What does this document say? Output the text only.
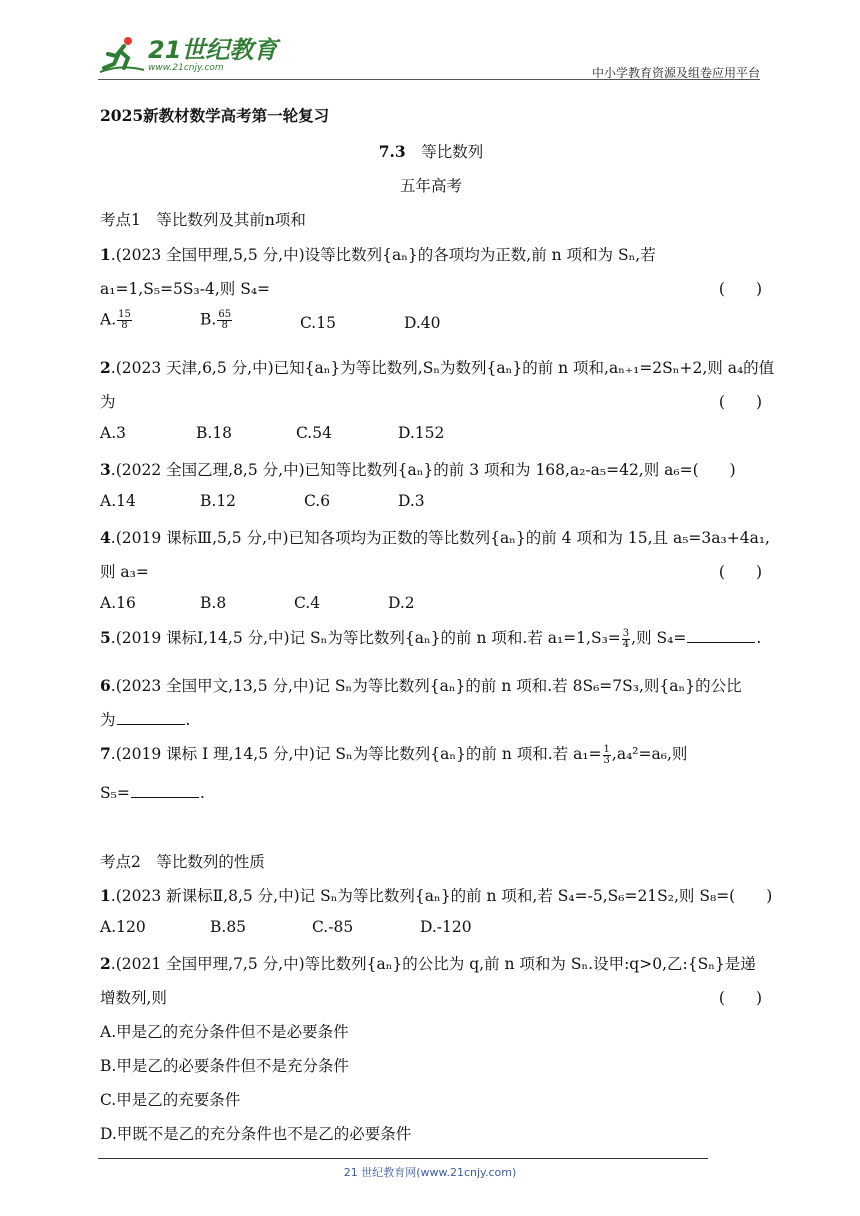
21世纪教育
www.21cnjy.com	中小学教育资源及组卷应用平台
2025新教材数学高考第一轮复习
7.3　 等比数列
五年高考
考点1　等比数列及其前n项和
1.(2023 全国甲理,5,5 分,中)设等比数列{aₙ}的各项均为正数,前 n 项和为 Sₙ,若
a₁=1,S₅=5S₃-4,则 S₄=	(　　)
A. $\frac{15}{8}$	B. $\frac{65}{8}$	C.15	D.40
2.(2023 天津,6,5 分,中)已知{aₙ}为等比数列,Sₙ为数列{aₙ}的前 n 项和,aₙ₊₁=2Sₙ+2,则 a₄的值
为	(　　)
A.3	B.18	C.54	D.152
3.(2022 全国乙理,8,5 分,中)已知等比数列{aₙ}的前 3 项和为 168,a₂-a₅=42,则 a₆=(　　)
A.14	B.12	C.6	D.3
4.(2019 课标Ⅲ,5,5 分,中)已知各项均为正数的等比数列{aₙ}的前 4 项和为 15,且 a₅=3a₃+4a₁,
则 a₃=	(　　)
A.16	B.8	C.4	D.2
5.(2019 课标Ⅰ,14,5 分,中)记 Sₙ为等比数列{aₙ}的前 n 项和.若 $a_1=1,S_3= \frac{3}{4}$ ,则 S₄=	.
6.(2023 全国甲文,13,5 分,中)记 Sₙ为等比数列{aₙ}的前 n 项和.若 8S₆=7S₃,则{aₙ}的公比
为	.
7.(2019 课标 Ⅰ 理,14,5 分,中)记 Sₙ为等比数列{aₙ}的前 n 项和.若 $a_1= \frac{1}{3} ,a_4^2=a_6$,则
S₅=	.
考点2　等比数列的性质
1.(2023 新课标Ⅱ,8,5 分,中)记 Sₙ为等比数列{aₙ}的前 n 项和,若 S₄=-5,S₆=21S₂,则 S₈=(　　)
A.120	B.85	C.-85	D.-120
2.(2021 全国甲理,7,5 分,中)等比数列{aₙ}的公比为 q,前 n 项和为 Sₙ.设甲:q>0,乙:{Sₙ}是递
增数列,则	(　　)
A.甲是乙的充分条件但不是必要条件
B.甲是乙的必要条件但不是充分条件
C.甲是乙的充要条件
D.甲既不是乙的充分条件也不是乙的必要条件
21 世纪教育网(www.21cnjy.com)
